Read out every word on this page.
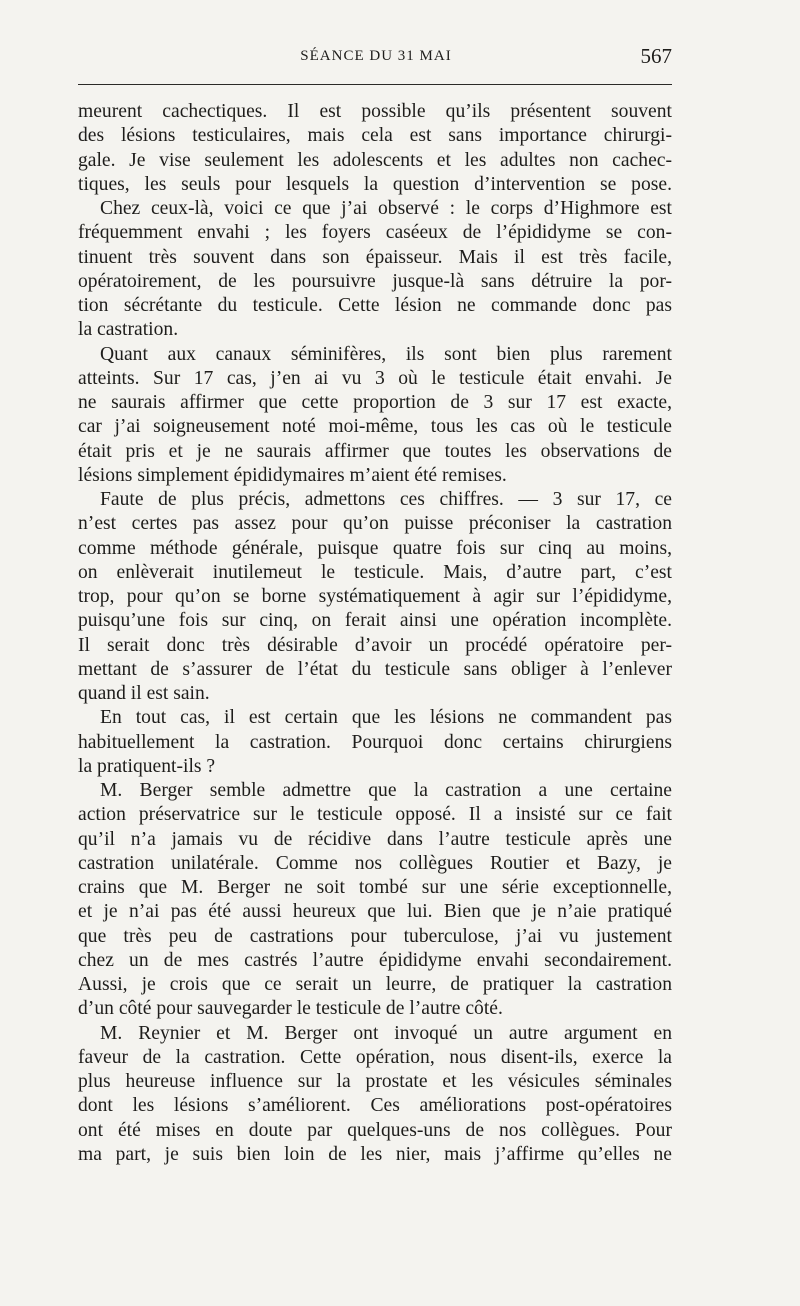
SÉANCE DU 31 MAI	567
meurent cachectiques. Il est possible qu’ils présentent souvent
des lésions testiculaires, mais cela est sans importance chirurgi-
gale. Je vise seulement les adolescents et les adultes non cachec-
tiques, les seuls pour lesquels la question d’intervention se pose.
Chez ceux-là, voici ce que j’ai observé : le corps d’Highmore est
fréquemment envahi ; les foyers caséeux de l’épididyme se con-
tinuent très souvent dans son épaisseur. Mais il est très facile,
opératoirement, de les poursuivre jusque-là sans détruire la por-
tion sécrétante du testicule. Cette lésion ne commande donc pas
la castration.
Quant aux canaux séminifères, ils sont bien plus rarement
atteints. Sur 17 cas, j’en ai vu 3 où le testicule était envahi. Je
ne saurais affirmer que cette proportion de 3 sur 17 est exacte,
car j’ai soigneusement noté moi-même, tous les cas où le testicule
était pris et je ne saurais affirmer que toutes les observations de
lésions simplement épididymaires m’aient été remises.
Faute de plus précis, admettons ces chiffres. — 3 sur 17, ce
n’est certes pas assez pour qu’on puisse préconiser la castration
comme méthode générale, puisque quatre fois sur cinq au moins,
on enlèverait inutilemeut le testicule. Mais, d’autre part, c’est
trop, pour qu’on se borne systématiquement à agir sur l’épididyme,
puisqu’une fois sur cinq, on ferait ainsi une opération incomplète.
Il serait donc très désirable d’avoir un procédé opératoire per-
mettant de s’assurer de l’état du testicule sans obliger à l’enlever
quand il est sain.
En tout cas, il est certain que les lésions ne commandent pas
habituellement la castration. Pourquoi donc certains chirurgiens
la pratiquent-ils ?
M. Berger semble admettre que la castration a une certaine
action préservatrice sur le testicule opposé. Il a insisté sur ce fait
qu’il n’a jamais vu de récidive dans l’autre testicule après une
castration unilatérale. Comme nos collègues Routier et Bazy, je
crains que M. Berger ne soit tombé sur une série exceptionnelle,
et je n’ai pas été aussi heureux que lui. Bien que je n’aie pratiqué
que très peu de castrations pour tuberculose, j’ai vu justement
chez un de mes castrés l’autre épididyme envahi secondairement.
Aussi, je crois que ce serait un leurre, de pratiquer la castration
d’un côté pour sauvegarder le testicule de l’autre côté.
M. Reynier et M. Berger ont invoqué un autre argument en
faveur de la castration. Cette opération, nous disent-ils, exerce la
plus heureuse influence sur la prostate et les vésicules séminales
dont les lésions s’améliorent. Ces améliorations post-opératoires
ont été mises en doute par quelques-uns de nos collègues. Pour
ma part, je suis bien loin de les nier, mais j’affirme qu’elles ne
